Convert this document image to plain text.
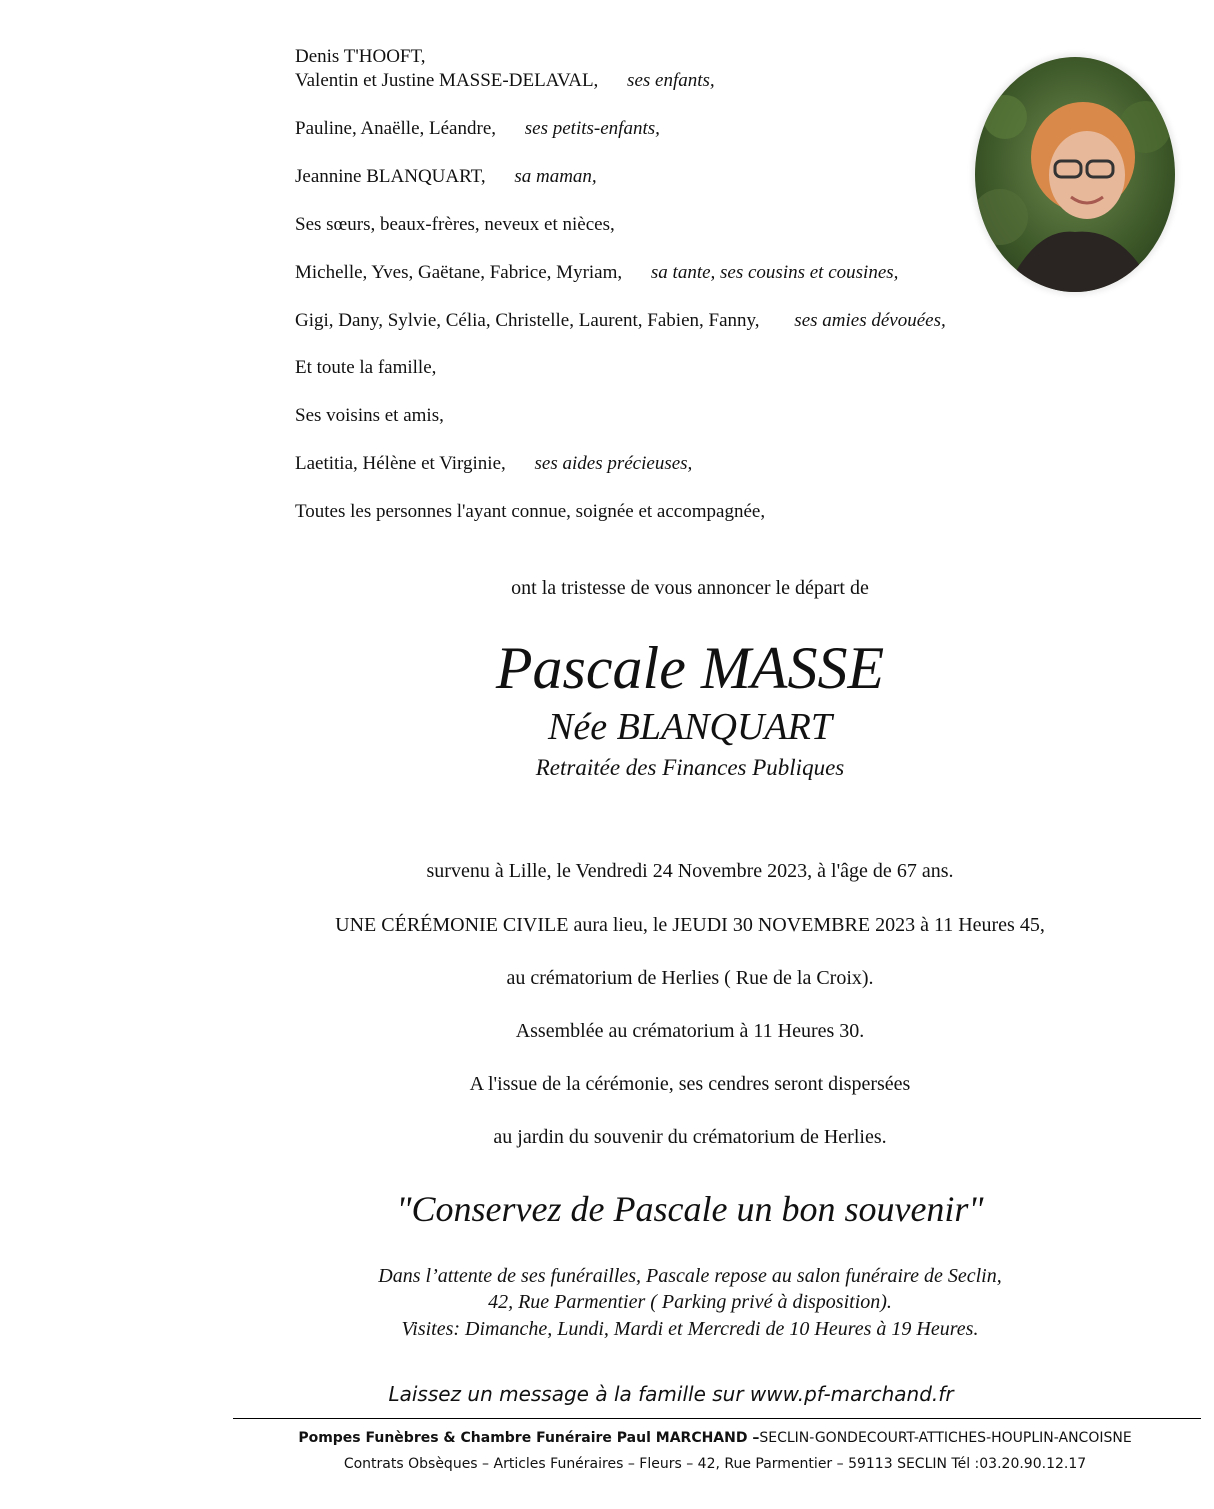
Denis T'HOOFT,
Valentin et Justine MASSE-DELAVAL, ses enfants,
Pauline, Anaëlle, Léandre, ses petits-enfants,
Jeannine BLANQUART, sa maman,
Ses sœurs, beaux-frères, neveux et nièces,
Michelle, Yves, Gaëtane, Fabrice, Myriam, sa tante, ses cousins et cousines,
Gigi, Dany, Sylvie, Célia, Christelle, Laurent, Fabien, Fanny, ses amies dévouées,
Et toute la famille,
Ses voisins et amis,
Laetitia, Hélène et Virginie, ses aides précieuses,
Toutes les personnes l'ayant connue, soignée et accompagnée,
ont la tristesse de vous annoncer le départ de
Pascale MASSE
Née BLANQUART
Retraitée des Finances Publiques
survenu à Lille, le Vendredi 24 Novembre 2023, à l'âge de 67 ans.
UNE CÉRÉMONIE CIVILE aura lieu, le JEUDI 30 NOVEMBRE 2023 à 11 Heures 45,
au crématorium de Herlies ( Rue de la Croix).
Assemblée au crématorium à 11 Heures 30.
A l'issue de la cérémonie, ses cendres seront dispersées
au jardin du souvenir du crématorium de Herlies.
"Conservez de Pascale un bon souvenir"
Dans l’attente de ses funérailles, Pascale repose au salon funéraire de Seclin,
42, Rue Parmentier ( Parking privé à disposition).
Visites: Dimanche, Lundi, Mardi et Mercredi de 10 Heures à 19 Heures.
Laissez un message à la famille sur www.pf-marchand.fr
Pompes Funèbres & Chambre Funéraire Paul MARCHAND –SECLIN-GONDECOURT-ATTICHES-HOUPLIN-ANCOISNE
Contrats Obsèques – Articles Funéraires – Fleurs – 42, Rue Parmentier – 59113 SECLIN Tél :03.20.90.12.17
